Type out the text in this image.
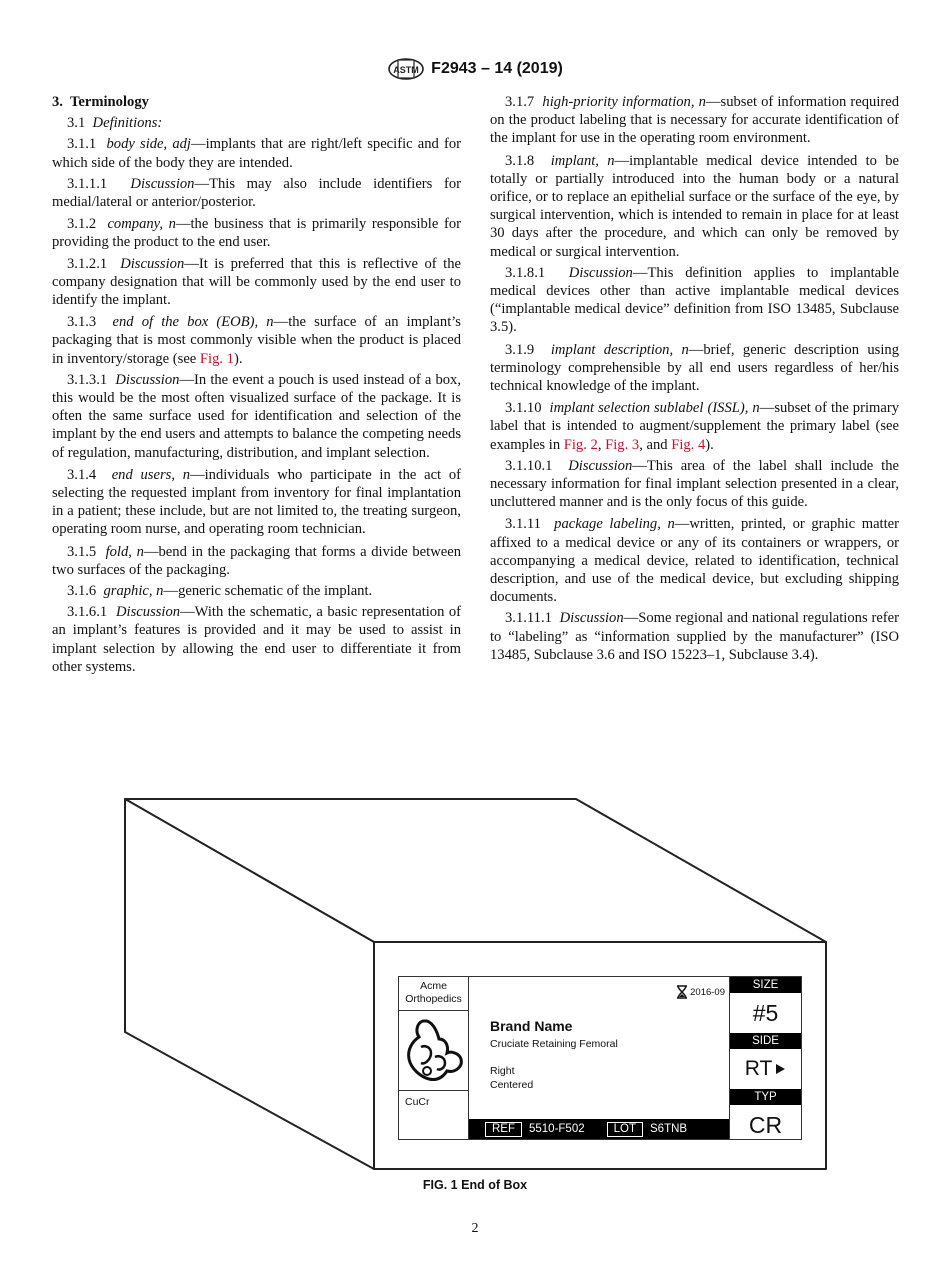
ASTM F2943 – 14 (2019)

3. Terminology

3.1 Definitions:

3.1.1 body side, adj—implants that are right/left specific and for which side of the body they are intended.

3.1.1.1 Discussion—This may also include identifiers for medial/lateral or anterior/posterior.

3.1.2 company, n—the business that is primarily responsible for providing the product to the end user.

3.1.2.1 Discussion—It is preferred that this is reflective of the company designation that will be commonly used by the end user to identify the implant.

3.1.3 end of the box (EOB), n—the surface of an implant’s packaging that is most commonly visible when the product is placed in inventory/storage (see Fig. 1).

3.1.3.1 Discussion—In the event a pouch is used instead of a box, this would be the most often visualized surface of the package. It is often the same surface used for identification and selection of the implant by the end users and attempts to balance the competing needs of regulation, manufacturing, distribution, and implant selection.

3.1.4 end users, n—individuals who participate in the act of selecting the requested implant from inventory for final implantation in a patient; these include, but are not limited to, the treating surgeon, operating room nurse, and operating room technician.

3.1.5 fold, n—bend in the packaging that forms a divide between two surfaces of the packaging.

3.1.6 graphic, n—generic schematic of the implant.

3.1.6.1 Discussion—With the schematic, a basic representation of an implant’s features is provided and it may be used to assist in implant selection by allowing the end user to differentiate it from other systems.

3.1.7 high-priority information, n—subset of information required on the product labeling that is necessary for accurate identification of the implant for use in the operating room environment.

3.1.8 implant, n—implantable medical device intended to be totally or partially introduced into the human body or a natural orifice, or to replace an epithelial surface or the surface of the eye, by surgical intervention, which is intended to remain in place for at least 30 days after the procedure, and which can only be removed by medical or surgical intervention.

3.1.8.1 Discussion—This definition applies to implantable medical devices other than active implantable medical devices (“implantable medical device” definition from ISO 13485, Subclause 3.5).

3.1.9 implant description, n—brief, generic description using terminology comprehensible by all end users regardless of her/his technical knowledge of the implant.

3.1.10 implant selection sublabel (ISSL), n—subset of the primary label that is intended to augment/supplement the primary label (see examples in Fig. 2, Fig. 3, and Fig. 4).

3.1.10.1 Discussion—This area of the label shall include the necessary information for final implant selection presented in a clear, uncluttered manner and is the only focus of this guide.

3.1.11 package labeling, n—written, printed, or graphic matter affixed to a medical device or any of its containers or wrappers, or accompanying a medical device, related to identification, technical description, and use of the medical device, but excluding shipping documents.

3.1.11.1 Discussion—Some regional and national regulations refer to “labeling” as “information supplied by the manufacturer” (ISO 13485, Subclause 3.6 and ISO 15223–1, Subclause 3.4).

Acme
Orthopedics
CuCr
2016-09
Brand Name
Cruciate Retaining Femoral
Right
Centered
REF	5510-F502	LOT	S6TNB
SIZE
#5
SIDE
RT
TYP
CR
FIG. 1 End of Box
2
